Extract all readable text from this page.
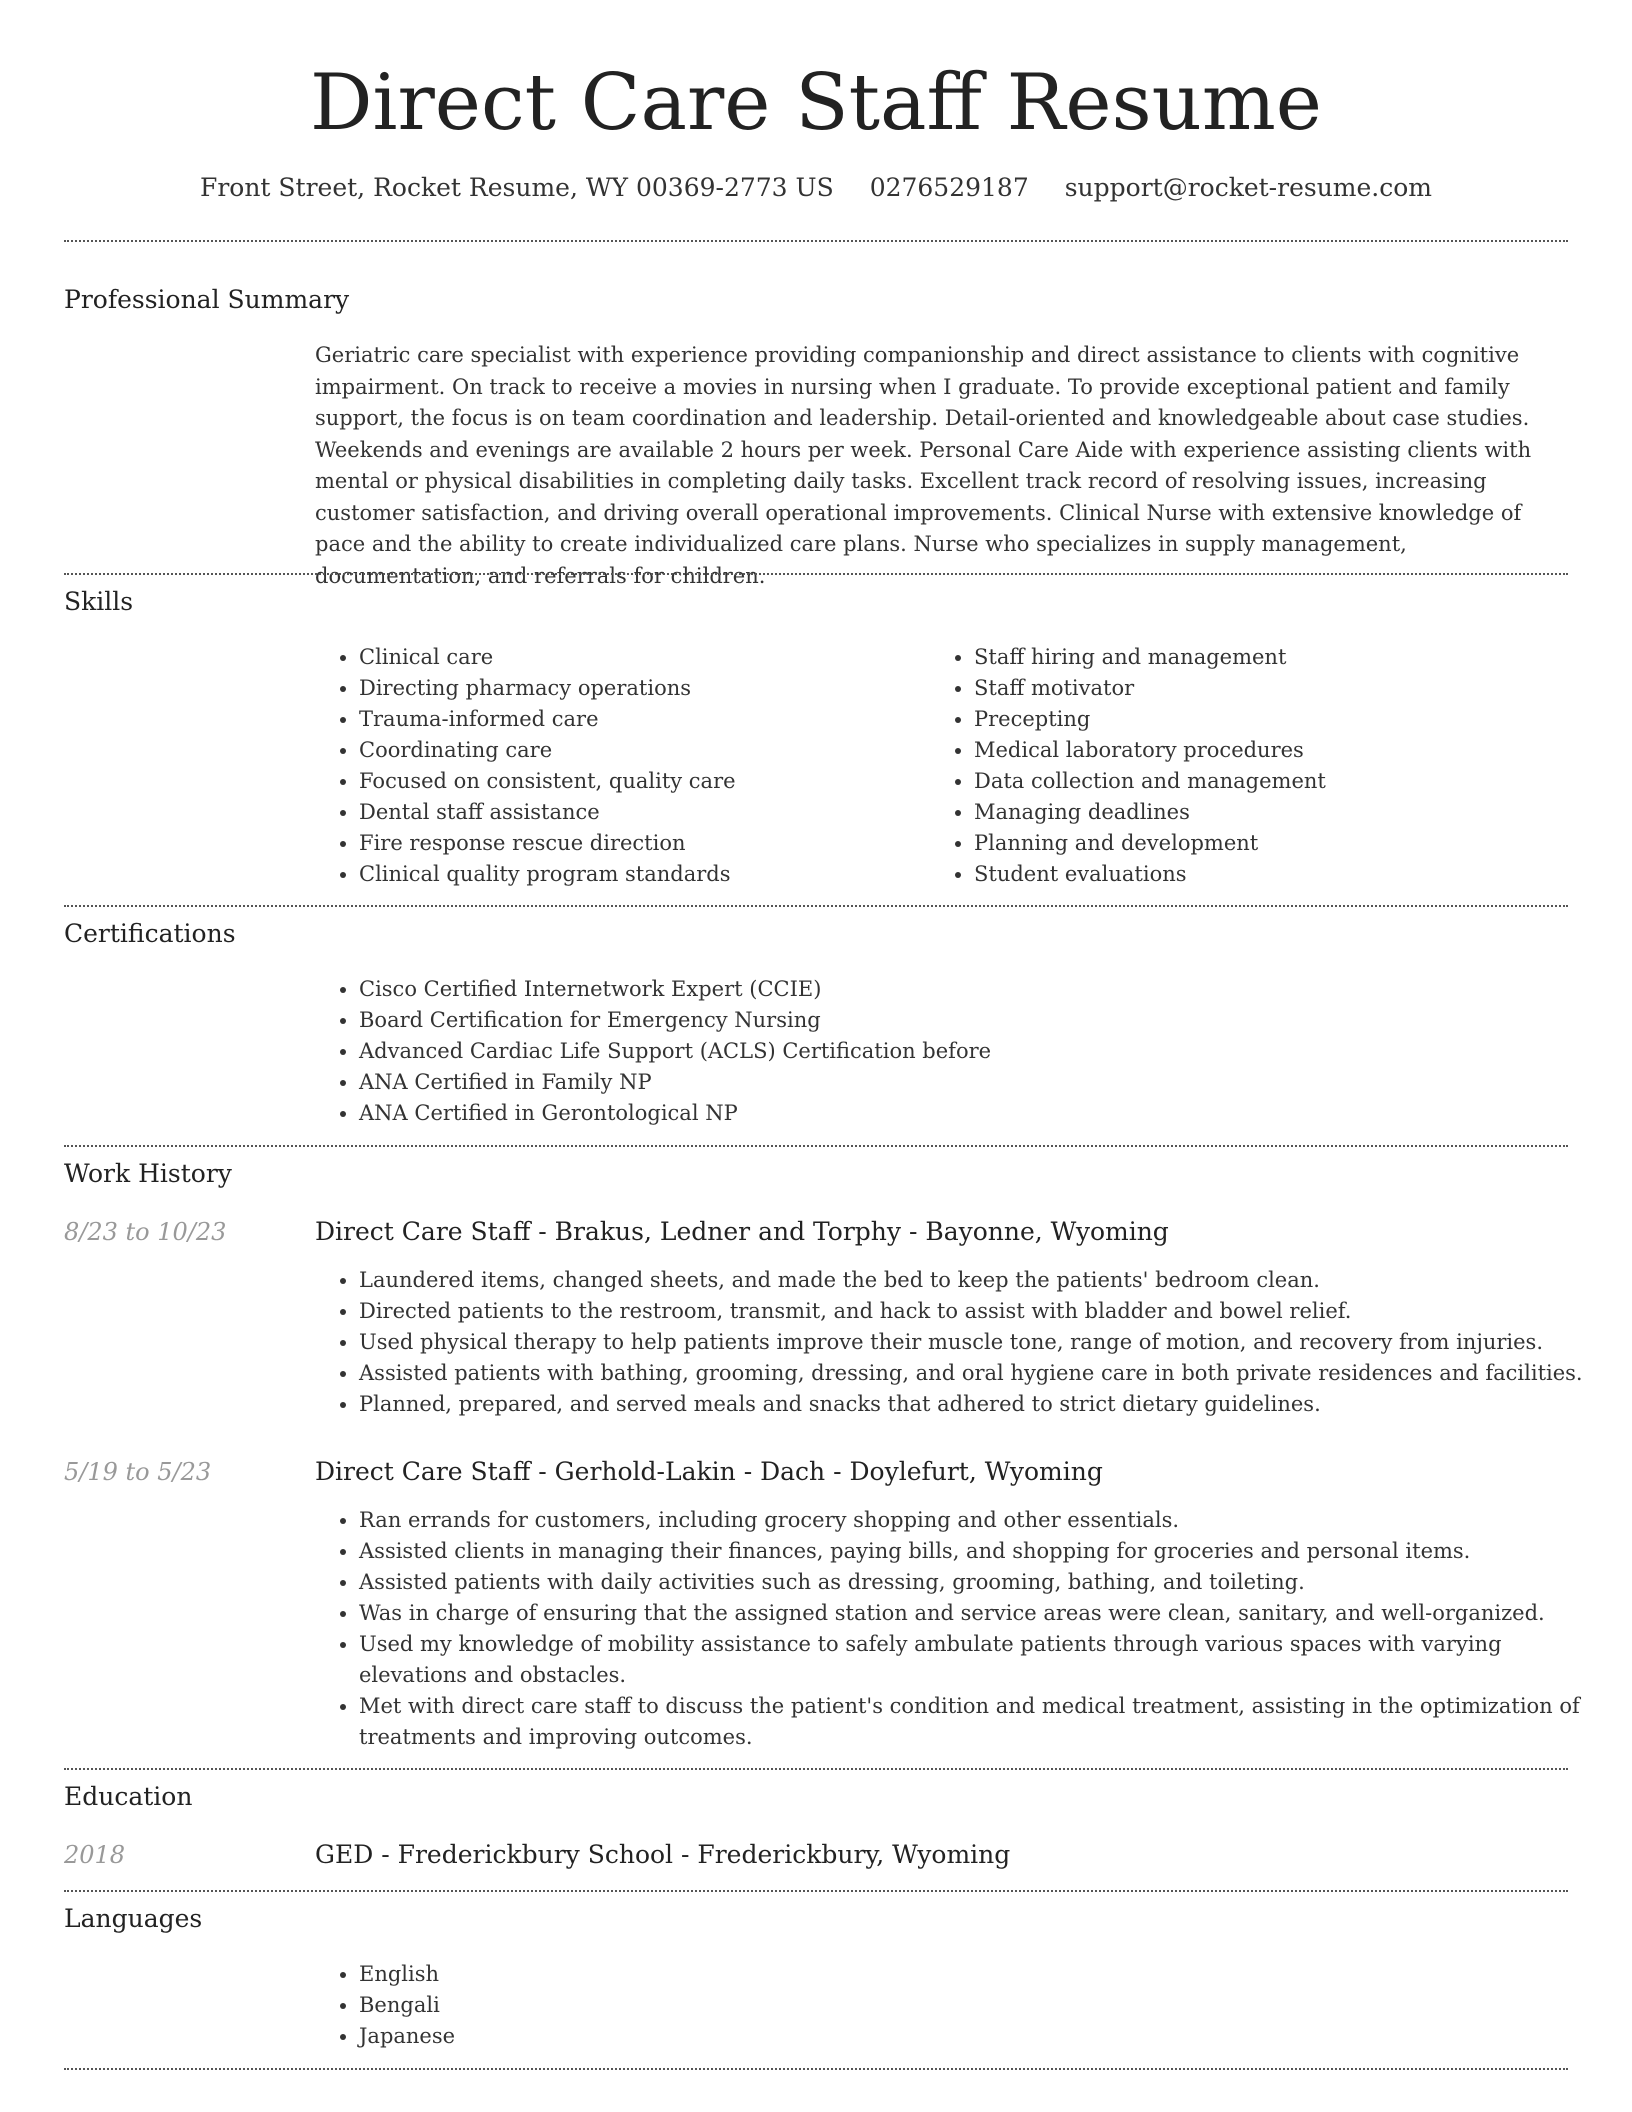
Direct Care Staff Resume
Front Street, Rocket Resume, WY 00369-2773 US 0276529187 support@rocket-resume.com
Professional Summary

Geriatric care specialist with experience providing companionship and direct assistance to clients with cognitive impairment. On track to receive a movies in nursing when I graduate. To provide exceptional patient and family support, the focus is on team coordination and leadership. Detail-oriented and knowledgeable about case studies. Weekends and evenings are available 2 hours per week. Personal Care Aide with experience assisting clients with mental or physical disabilities in completing daily tasks. Excellent track record of resolving issues, increasing customer satisfaction, and driving overall operational improvements. Clinical Nurse with extensive knowledge of pace and the ability to create individualized care plans. Nurse who specializes in supply management, documentation, and referrals for children.

Skills
• Clinical care
• Directing pharmacy operations
• Trauma-informed care
• Coordinating care
• Focused on consistent, quality care
• Dental staff assistance
• Fire response rescue direction
• Clinical quality program standards
• Staff hiring and management
• Staff motivator
• Precepting
• Medical laboratory procedures
• Data collection and management
• Managing deadlines
• Planning and development
• Student evaluations
Certifications
• Cisco Certified Internetwork Expert (CCIE)
• Board Certification for Emergency Nursing
• Advanced Cardiac Life Support (ACLS) Certification before
• ANA Certified in Family NP
• ANA Certified in Gerontological NP
Work History
8/23 to 10/23	Direct Care Staff - Brakus, Ledner and Torphy - Bayonne, Wyoming
• Laundered items, changed sheets, and made the bed to keep the patients' bedroom clean.
• Directed patients to the restroom, transmit, and hack to assist with bladder and bowel relief.
• Used physical therapy to help patients improve their muscle tone, range of motion, and recovery from injuries.
• Assisted patients with bathing, grooming, dressing, and oral hygiene care in both private residences and facilities.
• Planned, prepared, and served meals and snacks that adhered to strict dietary guidelines.
5/19 to 5/23	Direct Care Staff - Gerhold-Lakin - Dach - Doylefurt, Wyoming
• Ran errands for customers, including grocery shopping and other essentials.
• Assisted clients in managing their finances, paying bills, and shopping for groceries and personal items.
• Assisted patients with daily activities such as dressing, grooming, bathing, and toileting.
• Was in charge of ensuring that the assigned station and service areas were clean, sanitary, and well-organized.
• Used my knowledge of mobility assistance to safely ambulate patients through various spaces with varying elevations and obstacles.
• Met with direct care staff to discuss the patient's condition and medical treatment, assisting in the optimization of treatments and improving outcomes.
Education
2018	GED - Frederickbury School - Frederickbury, Wyoming
Languages
• English
• Bengali
• Japanese
